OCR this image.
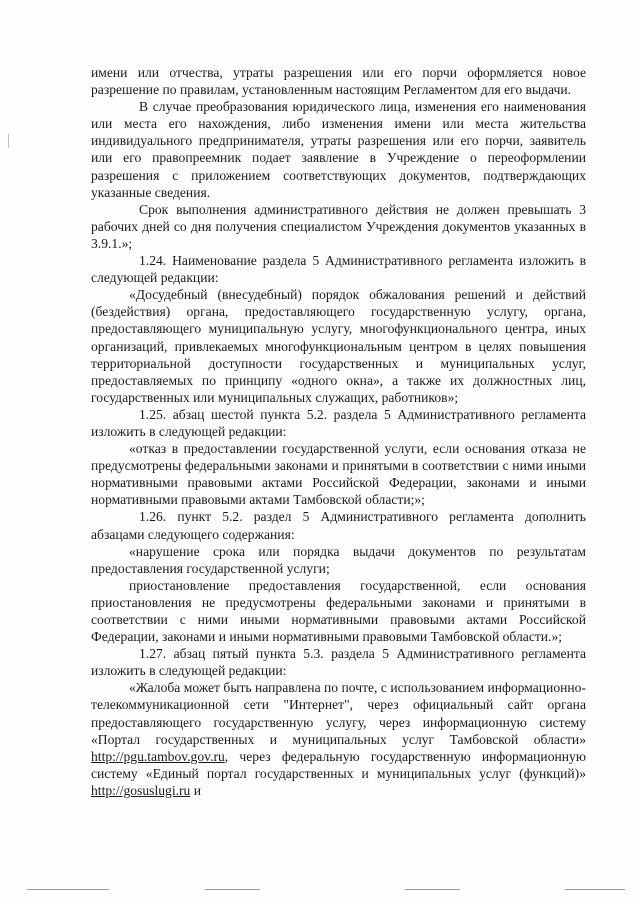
имени или отчества, утраты разрешения или его порчи оформляется новое разрешение по правилам, установленным настоящим Регламентом для его выдачи.

В случае преобразования юридического лица, изменения его наименования или места его нахождения, либо изменения имени или места жительства индивидуального предпринимателя, утраты разрешения или его порчи, заявитель или его правопреемник подает заявление в Учреждение о переоформлении разрешения с приложением соответствующих документов, подтверждающих указанные сведения.

Срок выполнения административного действия не должен превышать 3 рабочих дней со дня получения специалистом Учреждения документов указанных в 3.9.1.»;

1.24. Наименование раздела 5 Административного регламента изложить в следующей редакции:

«Досудебный (внесудебный) порядок обжалования решений и действий (бездействия) органа, предоставляющего государственную услугу, органа, предоставляющего муниципальную услугу, многофункционального центра, иных организаций, привлекаемых многофункциональным центром в целях повышения территориальной доступности государственных и муниципальных услуг, предоставляемых по принципу «одного окна», а также их должностных лиц, государственных или муниципальных служащих, работников»;

1.25. абзац шестой пункта 5.2. раздела 5 Административного регламента изложить в следующей редакции:

«отказ в предоставлении государственной услуги, если основания отказа не предусмотрены федеральными законами и принятыми в соответствии с ними иными нормативными правовыми актами Российской Федерации, законами и иными нормативными правовыми актами Тамбовской области;»;

1.26. пункт 5.2. раздел 5 Административного регламента дополнить абзацами следующего содержания:

«нарушение срока или порядка выдачи документов по результатам предоставления государственной услуги;

приостановление предоставления государственной, если основания приостановления не предусмотрены федеральными законами и принятыми в соответствии с ними иными нормативными правовыми актами Российской Федерации, законами и иными нормативными правовыми Тамбовской области.»;

1.27. абзац пятый пункта 5.3. раздела 5 Административного регламента изложить в следующей редакции:

«Жалоба может быть направлена по почте, с использованием информационно-телекоммуникационной сети "Интернет", через официальный сайт органа предоставляющего государственную услугу, через информационную систему «Портал государственных и муниципальных услуг Тамбовской области» http://pgu.tambov.gov.ru, через федеральную государственную информационную систему «Единый портал государственных и муниципальных услуг (функций)» http://gosuslugi.ru и
